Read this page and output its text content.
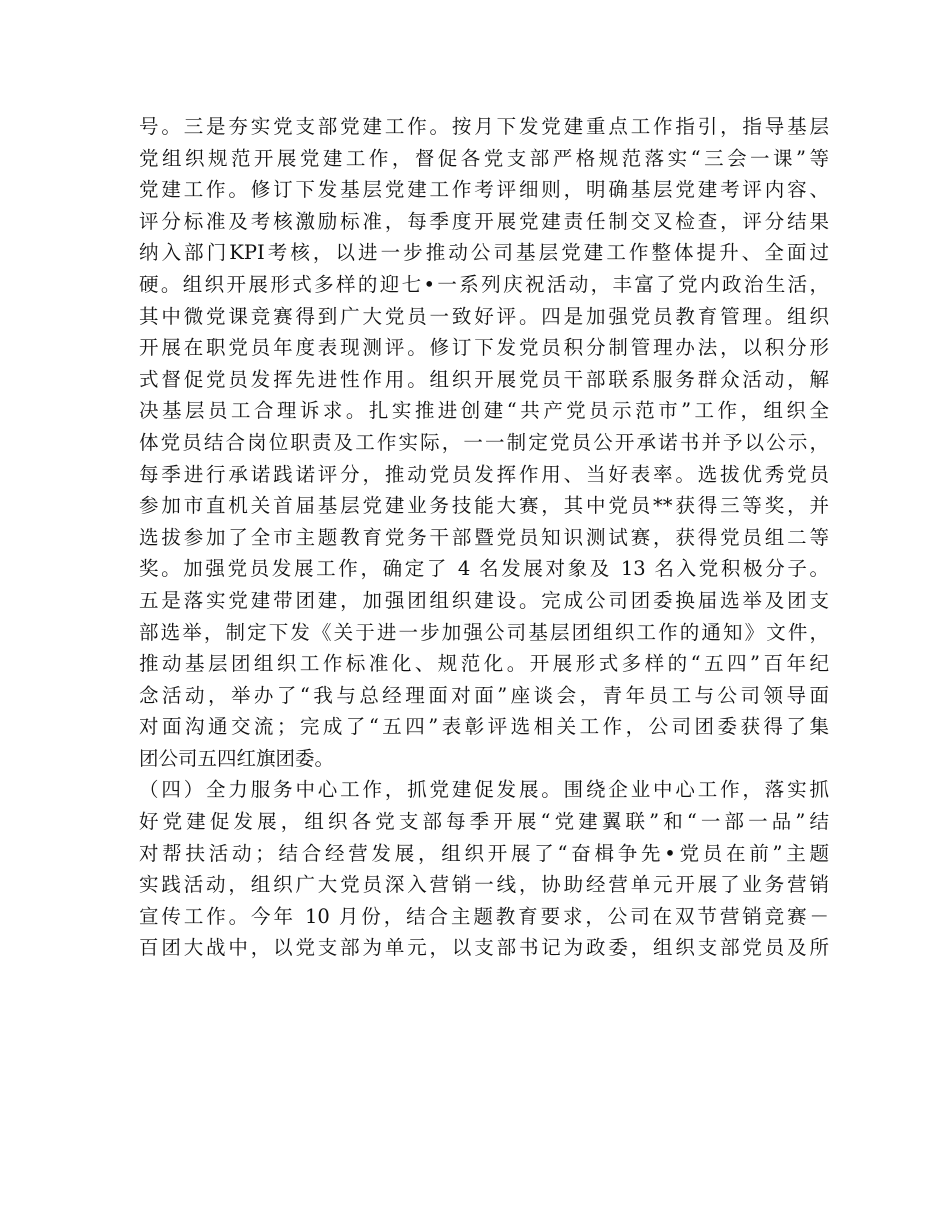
号。三是夯实党支部党建工作。按月下发党建重点工作指引，指导基层
党组织规范开展党建工作，督促各党支部严格规范落实“三会一课”等
党建工作。修订下发基层党建工作考评细则，明确基层党建考评内容、
评分标准及考核激励标准，每季度开展党建责任制交叉检查，评分结果
纳入部门KPI考核，以进一步推动公司基层党建工作整体提升、全面过
硬。组织开展形式多样的迎七•一系列庆祝活动，丰富了党内政治生活，
其中微党课竞赛得到广大党员一致好评。四是加强党员教育管理。组织
开展在职党员年度表现测评。修订下发党员积分制管理办法，以积分形
式督促党员发挥先进性作用。组织开展党员干部联系服务群众活动，解
决基层员工合理诉求。扎实推进创建“共产党员示范市”工作，组织全
体党员结合岗位职责及工作实际，一一制定党员公开承诺书并予以公示，
每季进行承诺践诺评分，推动党员发挥作用、当好表率。选拔优秀党员
参加市直机关首届基层党建业务技能大赛，其中党员**获得三等奖，并
选拔参加了全市主题教育党务干部暨党员知识测试赛，获得党员组二等
奖。加强党员发展工作，确定了 4 名发展对象及 13 名入党积极分子。
五是落实党建带团建，加强团组织建设。完成公司团委换届选举及团支
部选举，制定下发《关于进一步加强公司基层团组织工作的通知》文件，
推动基层团组织工作标准化、规范化。开展形式多样的“五四”百年纪
念活动，举办了“我与总经理面对面”座谈会，青年员工与公司领导面
对面沟通交流；完成了“五四”表彰评选相关工作，公司团委获得了集
团公司五四红旗团委。
（四）全力服务中心工作，抓党建促发展。围绕企业中心工作，落实抓
好党建促发展，组织各党支部每季开展“党建翼联”和“一部一品”结
对帮扶活动；结合经营发展，组织开展了“奋楫争先•党员在前”主题
实践活动，组织广大党员深入营销一线，协助经营单元开展了业务营销
宣传工作。今年 10 月份，结合主题教育要求，公司在双节营销竞赛－
百团大战中，以党支部为单元，以支部书记为政委，组织支部党员及所
